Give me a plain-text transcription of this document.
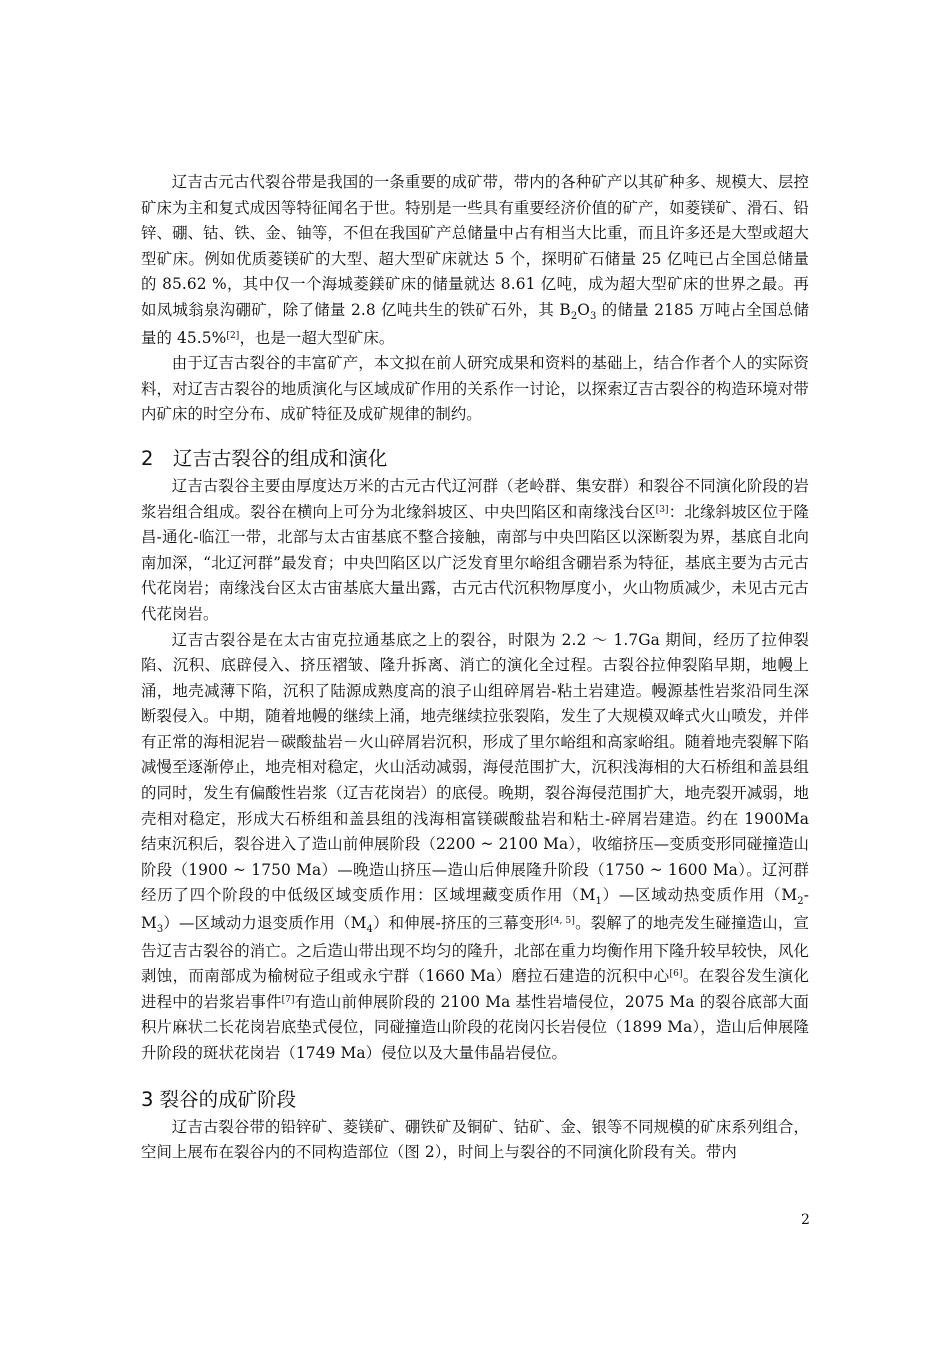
辽吉古元古代裂谷带是我国的一条重要的成矿带，带内的各种矿产以其矿种多、规模大、层控矿床为主和复式成因等特征闻名于世。特别是一些具有重要经济价值的矿产，如菱镁矿、滑石、铅锌、硼、钴、铁、金、铀等，不但在我国矿产总储量中占有相当大比重，而且许多还是大型或超大型矿床。例如优质菱镁矿的大型、超大型矿床就达 5 个，探明矿石储量 25 亿吨已占全国总储量的 85.62 %，其中仅一个海城菱鎂矿床的储量就达 8.61 亿吨，成为超大型矿床的世界之最。再如凤城翁泉沟硼矿，除了储量 2.8 亿吨共生的铁矿石外，其 $B_2O_3$ 的储量 2185 万吨占全国总储量的 45.5%[2]，也是一超大型矿床。

由于辽吉古裂谷的丰富矿产，本文拟在前人研究成果和资料的基础上，结合作者个人的实际资料，对辽吉古裂谷的地质演化与区域成矿作用的关系作一讨论，以探索辽吉古裂谷的构造环境对带内矿床的时空分布、成矿特征及成矿规律的制约。

2　辽吉古裂谷的组成和演化

辽吉古裂谷主要由厚度达万米的古元古代辽河群（老岭群、集安群）和裂谷不同演化阶段的岩浆岩组合组成。裂谷在横向上可分为北缘斜坡区、中央凹陷区和南缘浅台区[3]：北缘斜坡区位于隆昌-通化-临江一带，北部与太古宙基底不整合接触，南部与中央凹陷区以深断裂为界，基底自北向南加深，“北辽河群”最发育；中央凹陷区以广泛发育里尔峪组含硼岩系为特征，基底主要为古元古代花岗岩；南缘浅台区太古宙基底大量出露，古元古代沉积物厚度小，火山物质减少，未见古元古代花岗岩。

辽吉古裂谷是在太古宙克拉通基底之上的裂谷，时限为 2.2 ～ 1.7Ga 期间，经历了拉伸裂陷、沉积、底辟侵入、挤压褶皱、隆升拆离、消亡的演化全过程。古裂谷拉伸裂陷早期，地幔上涌，地壳减薄下陷，沉积了陆源成熟度高的浪子山组碎屑岩-粘土岩建造。幔源基性岩浆沿同生深断裂侵入。中期，随着地幔的继续上涌，地壳继续拉张裂陷，发生了大规模双峰式火山喷发，并伴有正常的海相泥岩－碳酸盐岩－火山碎屑岩沉积，形成了里尔峪组和高家峪组。随着地壳裂解下陷减慢至逐渐停止，地壳相对稳定，火山活动减弱，海侵范围扩大，沉积浅海相的大石桥组和盖县组的同时，发生有偏酸性岩浆（辽吉花岗岩）的底侵。晚期，裂谷海侵范围扩大，地壳裂开减弱，地壳相对稳定，形成大石桥组和盖县组的浅海相富镁碳酸盐岩和粘土-碎屑岩建造。约在 1900Ma 结束沉积后，裂谷进入了造山前伸展阶段（2200 ~ 2100 Ma），收缩挤压—变质变形同碰撞造山阶段（1900 ~ 1750 Ma）—晚造山挤压—造山后伸展隆升阶段（1750 ~ 1600 Ma）。辽河群经历了四个阶段的中低级区域变质作用：区域埋藏变质作用$(M_1)—$区域动热变质作用$(M_2-M_3)—$区域动力退变质作用$(M_4)$和伸展-挤压的三幕变形[4, 5]。裂解了的地壳发生碰撞造山，宣告辽吉古裂谷的消亡。之后造山带出现不均匀的隆升，北部在重力均衡作用下隆升较早较快，风化剥蚀，而南部成为榆树砬子组或永宁群（1660 Ma）磨拉石建造的沉积中心[6]。在裂谷发生演化进程中的岩浆岩事件[7]有造山前伸展阶段的 2100 Ma 基性岩墙侵位，2075 Ma 的裂谷底部大面积片麻状二长花岗岩底垫式侵位，同碰撞造山阶段的花岗闪长岩侵位（1899 Ma），造山后伸展隆升阶段的斑状花岗岩（1749 Ma）侵位以及大量伟晶岩侵位。

3 裂谷的成矿阶段

辽吉古裂谷带的铅锌矿、菱镁矿、硼铁矿及铜矿、钴矿、金、银等不同规模的矿床系列组合，空间上展布在裂谷内的不同构造部位（图 2），时间上与裂谷的不同演化阶段有关。带内

2
